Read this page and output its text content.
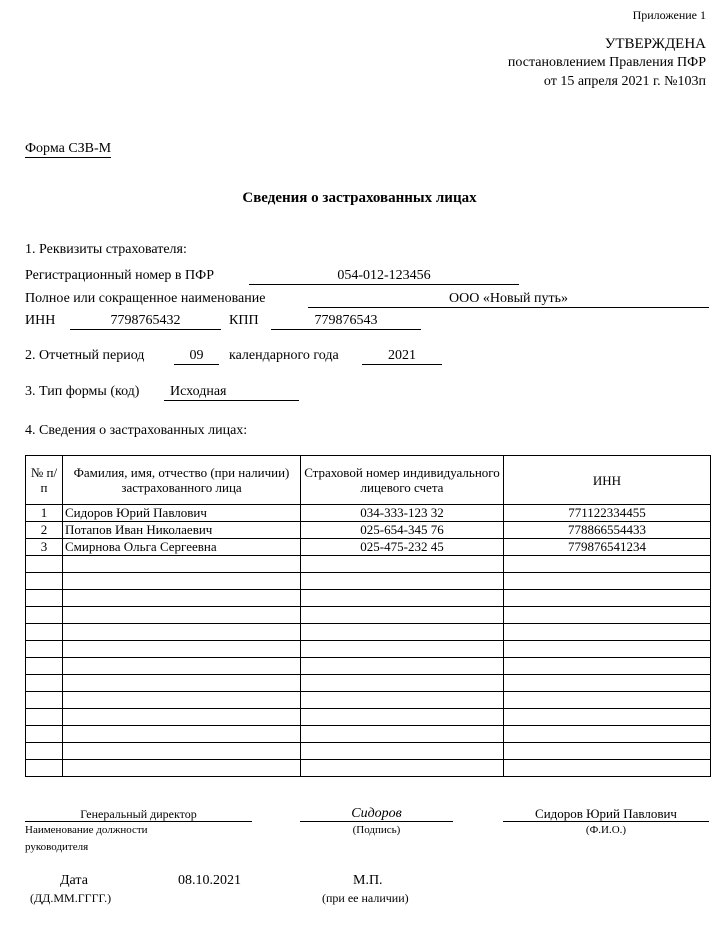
Приложение 1
УТВЕРЖДЕНА
постановлением Правления ПФР
от 15 апреля 2021 г. №103п
Форма СЗВ-М
Сведения о застрахованных лицах
1. Реквизиты страхователя:
Регистрационный номер в ПФР	054-012-123456
Полное или сокращенное наименование	ООО «Новый путь»
ИНН	7798765432	КПП	779876543
2. Отчетный период	09	календарного года	2021
3. Тип формы (код)	Исходная
4. Сведения о застрахованных лицах:
№ п/п	Фамилия, имя, отчество (при наличии) застрахованного лица	Страховой номер индивидуального лицевого счета	ИНН
1	Сидоров Юрий Павлович	034-333-123 32	771122334455
2	Потапов Иван Николаевич	025-654-345 76	778866554433
3	Смирнова Ольга Сергеевна	025-475-232 45	779876541234

Генеральный директор
Наименование должности
руководителя
Сидоров
(Подпись)
Сидоров Юрий Павлович
(Ф.И.О.)
Дата
(ДД.ММ.ГГГГ.)
08.10.2021	М.П.
(при ее наличии)
